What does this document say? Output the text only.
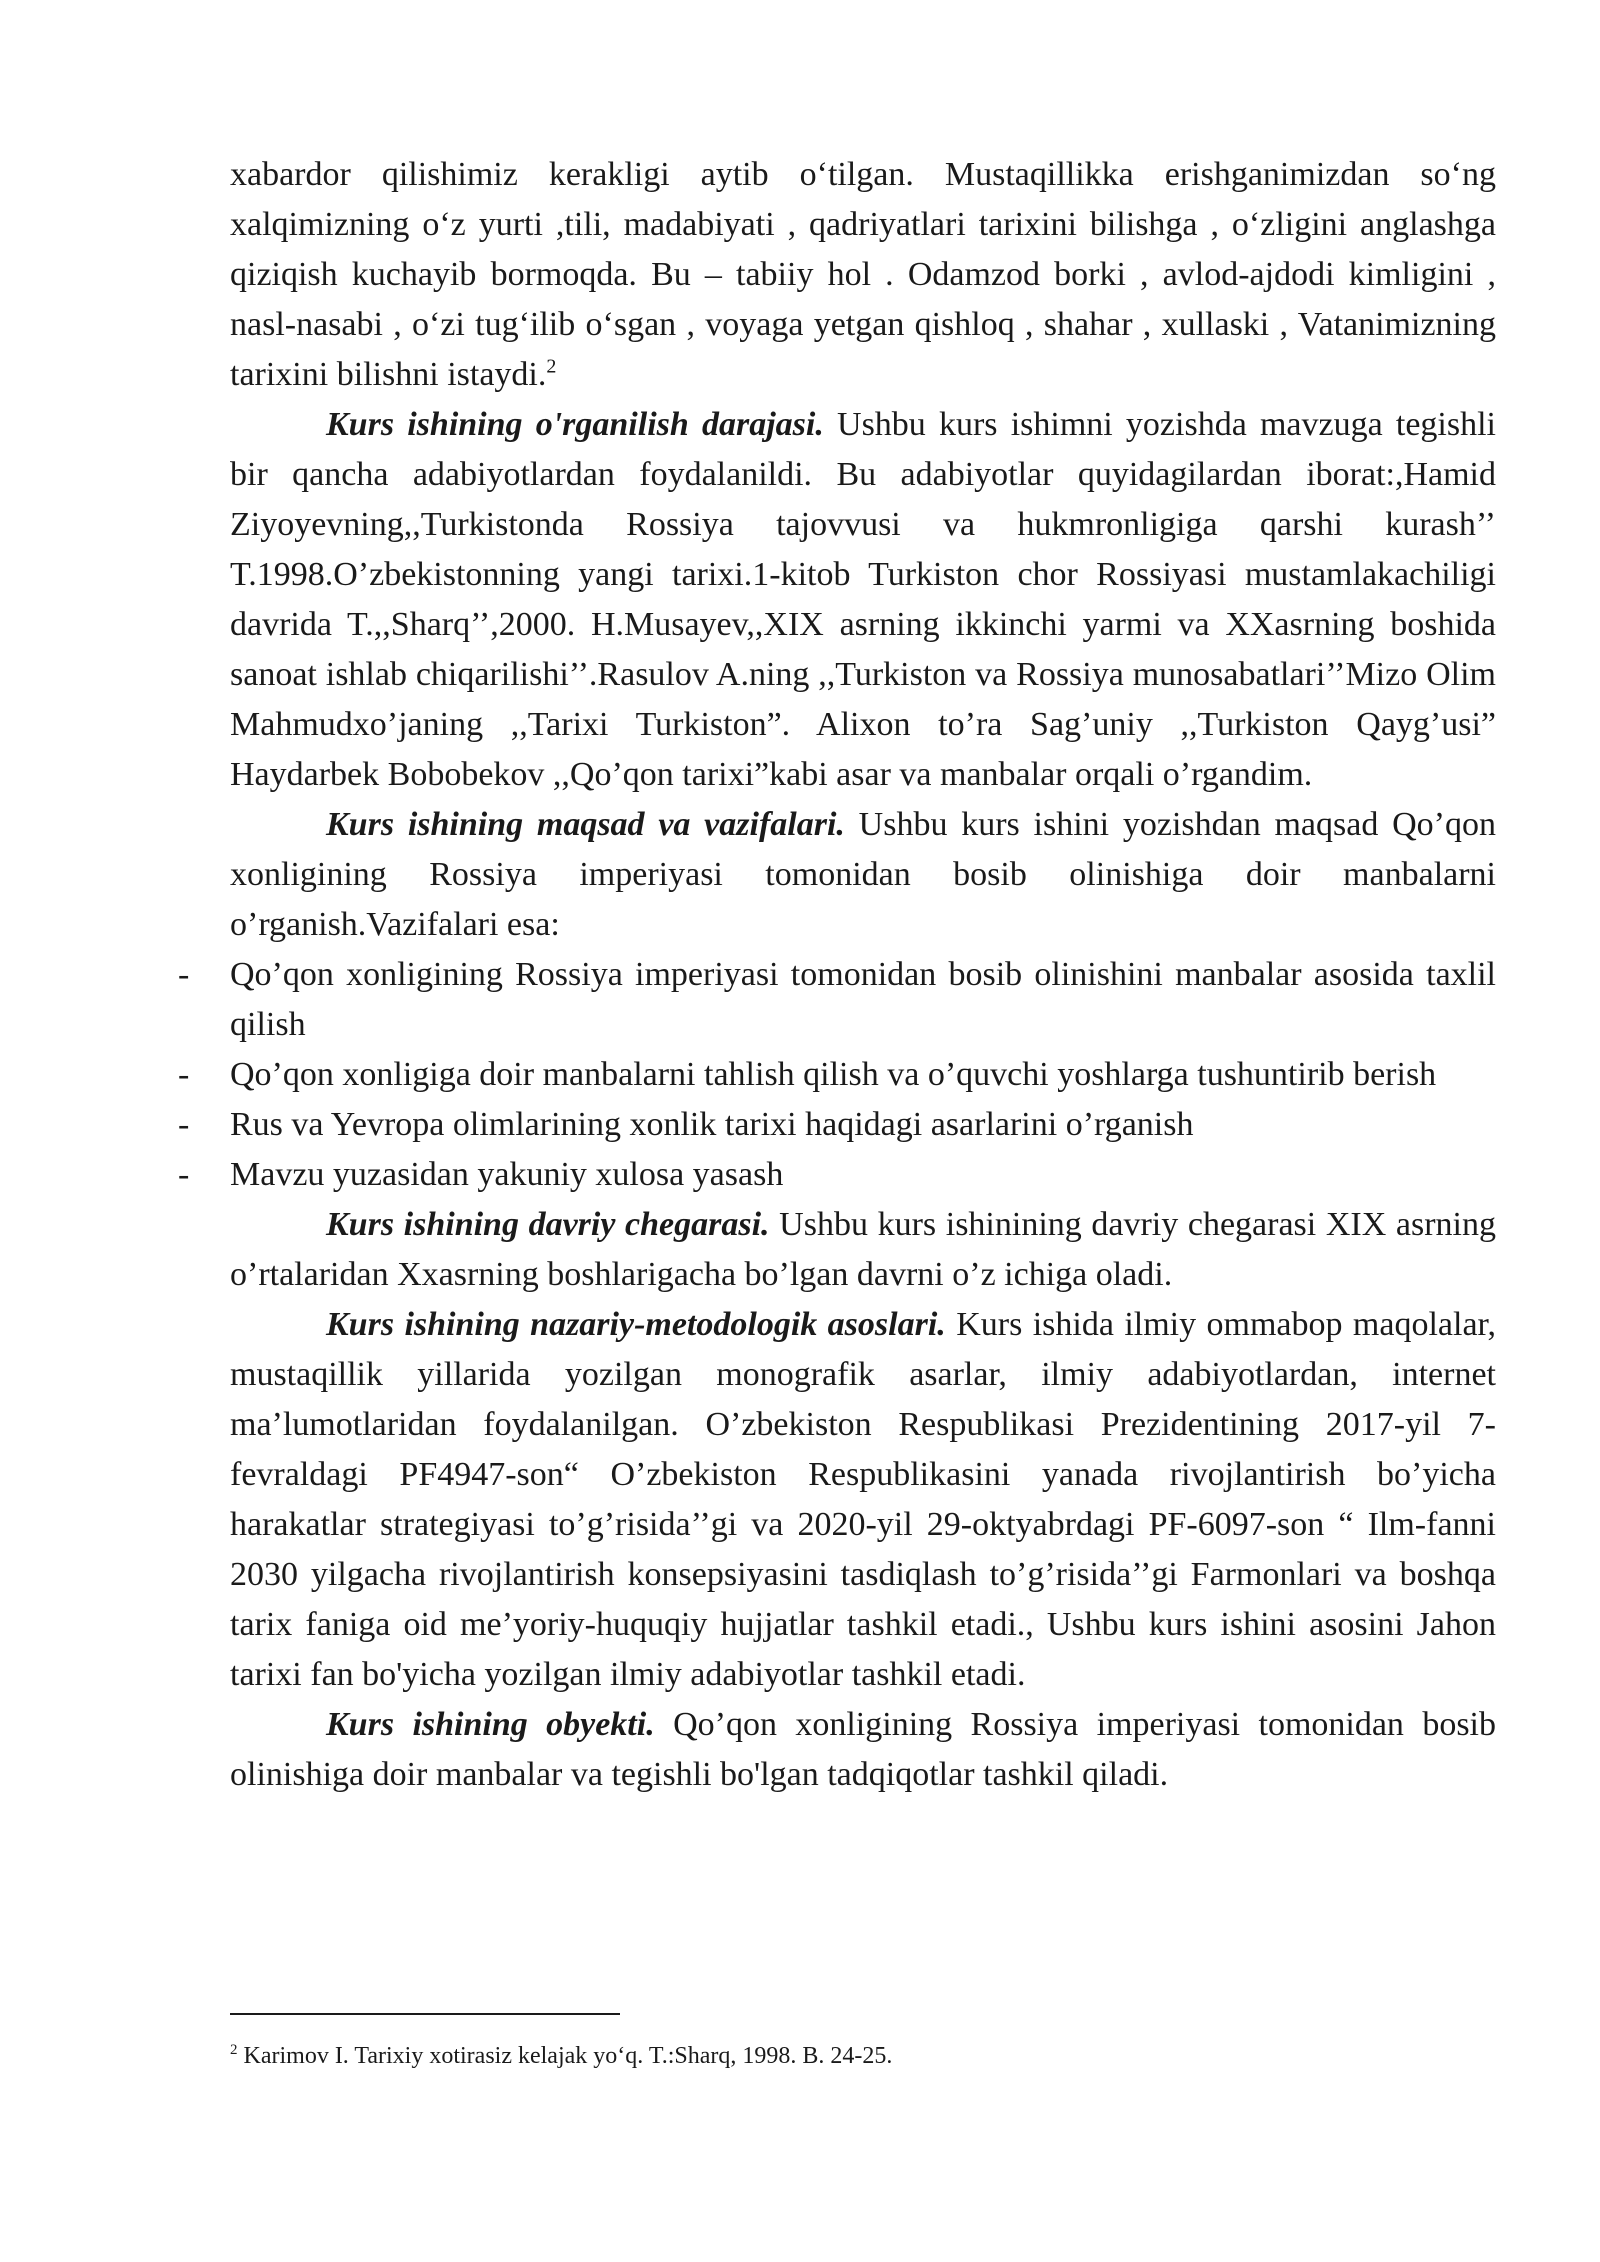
xabardor qilishimiz kerakligi aytib o‘tilgan. Mustaqillikka erishganimizdan so‘ng xalqimizning o‘z yurti ,tili, madabiyati , qadriyatlari tarixini bilishga , o‘zligini anglashga qiziqish kuchayib bormoqda. Bu – tabiiy hol . Odamzod borki , avlod-ajdodi kimligini , nasl-nasabi , o‘zi tug‘ilib o‘sgan , voyaga yetgan qishloq , shahar , xullaski , Vatanimizning tarixini bilishni istaydi.$^2$

Kurs ishining o'rganilish darajasi. Ushbu kurs ishimni yozishda mavzuga tegishli bir qancha adabiyotlardan foydalanildi. Bu adabiyotlar quyidagilardan iborat:,Hamid Ziyoyevning,,Turkistonda Rossiya tajovvusi va hukmronligiga qarshi kurash’’ T.1998.O’zbekistonning yangi tarixi.1-kitob Turkiston chor Rossiyasi mustamlakachiligi davrida T.,,Sharq’’,2000. H.Musayev,,XIX asrning ikkinchi yarmi va XXasrning boshida sanoat ishlab chiqarilishi’’.Rasulov A.ning ,,Turkiston va Rossiya munosabatlari’’Mizo Olim Mahmudxo’janing ,,Tarixi Turkiston”. Alixon to’ra Sag’uniy ,,Turkiston Qayg’usi” Haydarbek Bobobekov ,,Qo’qon tarixi”kabi asar va manbalar orqali o’rgandim.

Kurs ishining maqsad va vazifalari. Ushbu kurs ishini yozishdan maqsad Qo’qon xonligining Rossiya imperiyasi tomonidan bosib olinishiga doir manbalarni o’rganish.Vazifalari esa:

- Qo’qon xonligining Rossiya imperiyasi tomonidan bosib olinishini manbalar asosida taxlil qilish
- Qo’qon xonligiga doir manbalarni tahlish qilish va o’quvchi yoshlarga tushuntirib berish
- Rus va Yevropa olimlarining xonlik tarixi haqidagi asarlarini o’rganish
- Mavzu yuzasidan yakuniy xulosa yasash

Kurs ishining davriy chegarasi. Ushbu kurs ishinining davriy chegarasi XIX asrning o’rtalaridan Xxasrning boshlarigacha bo’lgan davrni o’z ichiga oladi.

Kurs ishining nazariy-metodologik asoslari. Kurs ishida ilmiy ommabop maqolalar, mustaqillik yillarida yozilgan monografik asarlar, ilmiy adabiyotlardan, internet ma’lumotlaridan foydalanilgan. O’zbekiston Respublikasi Prezidentining 2017-yil 7-fevraldagi PF4947-son“ O’zbekiston Respublikasini yanada rivojlantirish bo’yicha harakatlar strategiyasi to’g’risida’’gi va 2020-yil 29-oktyabrdagi PF-6097-son “ Ilm-fanni 2030 yilgacha rivojlantirish konsepsiyasini tasdiqlash to’g’risida’’gi Farmonlari va boshqa tarix faniga oid me’yoriy-huquqiy hujjatlar tashkil etadi., Ushbu kurs ishini asosini Jahon tarixi fan bo'yicha yozilgan ilmiy adabiyotlar tashkil etadi.

Kurs ishining obyekti. Qo’qon xonligining Rossiya imperiyasi tomonidan bosib olinishiga doir manbalar va tegishli bo'lgan tadqiqotlar tashkil qiladi.

$^2$ Karimov I. Tarixiy xotirasiz kelajak yo‘q. T.:Sharq, 1998. B. 24-25.
